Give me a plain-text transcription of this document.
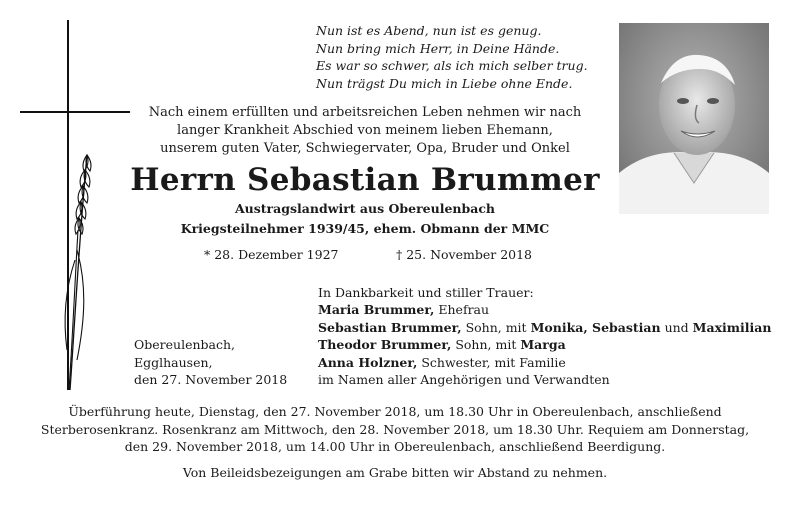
Nun ist es Abend, nun ist es genug.
Nun bring mich Herr, in Deine Hände.
Es war so schwer, als ich mich selber trug.
Nun trägst Du mich in Liebe ohne Ende.
Nach einem erfüllten und arbeitsreichen Leben nehmen wir nach
langer Krankheit Abschied von meinem lieben Ehemann,
unserem guten Vater, Schwiegervater, Opa, Bruder und Onkel
Herrn Sebastian Brummer
Austragslandwirt aus Obereulenbach
Kriegsteilnehmer 1939/45, ehem. Obmann der MMC
* 28. Dezember 1927	† 25. November 2018
In Dankbarkeit und stiller Trauer:
Maria Brummer, Ehefrau
Sebastian Brummer, Sohn, mit Monika, Sebastian und Maximilian
Theodor Brummer, Sohn, mit Marga
Anna Holzner, Schwester, mit Familie
im Namen aller Angehörigen und Verwandten
Obereulenbach,
Egglhausen,
den 27. November 2018
Überführung heute, Dienstag, den 27. November 2018, um 18.30 Uhr in Obereulenbach, anschließend
Sterberosenkranz. Rosenkranz am Mittwoch, den 28. November 2018, um 18.30 Uhr. Requiem am Donnerstag,
den 29. November 2018, um 14.00 Uhr in Obereulenbach, anschließend Beerdigung.
Von Beileidsbezeigungen am Grabe bitten wir Abstand zu nehmen.
